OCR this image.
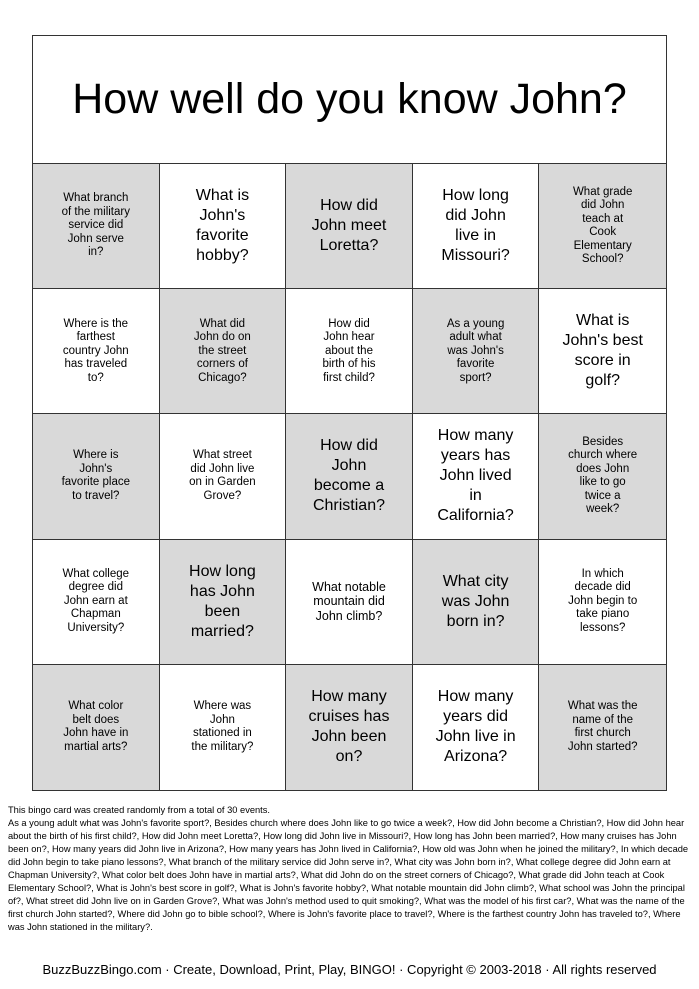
How well do you know John?
What branch of the military service did John serve in?
What is John's favorite hobby?
How did John meet Loretta?
How long did John live in Missouri?
What grade did John teach at Cook Elementary School?
Where is the farthest country John has traveled to?
What did John do on the street corners of Chicago?
How did John hear about the birth of his first child?
As a young adult what was John's favorite sport?
What is John's best score in golf?
Where is John's favorite place to travel?
What street did John live on in Garden Grove?
How did John become a Christian?
How many years has John lived in California?
Besides church where does John like to go twice a week?
What college degree did John earn at Chapman University?
How long has John been married?
What notable mountain did John climb?
What city was John born in?
In which decade did John begin to take piano lessons?
What color belt does John have in martial arts?
Where was John stationed in the military?
How many cruises has John been on?
How many years did John live in Arizona?
What was the name of the first church John started?
This bingo card was created randomly from a total of 30 events.
As a young adult what was John's favorite sport?, Besides church where does John like to go twice a week?, How did John become a Christian?, How did John hear about the birth of his first child?, How did John meet Loretta?, How long did John live in Missouri?, How long has John been married?, How many cruises has John been on?, How many years did John live in Arizona?, How many years has John lived in California?, How old was John when he joined the military?, In which decade did John begin to take piano lessons?, What branch of the military service did John serve in?, What city was John born in?, What college degree did John earn at Chapman University?, What color belt does John have in martial arts?, What did John do on the street corners of Chicago?, What grade did John teach at Cook Elementary School?, What is John's best score in golf?, What is John's favorite hobby?, What notable mountain did John climb?, What school was John the principal of?, What street did John live on in Garden Grove?, What was John's method used to quit smoking?, What was the model of his first car?, What was the name of the first church John started?, Where did John go to bible school?, Where is John's favorite place to travel?, Where is the farthest country John has traveled to?, Where was John stationed in the military?.
BuzzBuzzBingo.com · Create, Download, Print, Play, BINGO! · Copyright © 2003-2018 · All rights reserved
